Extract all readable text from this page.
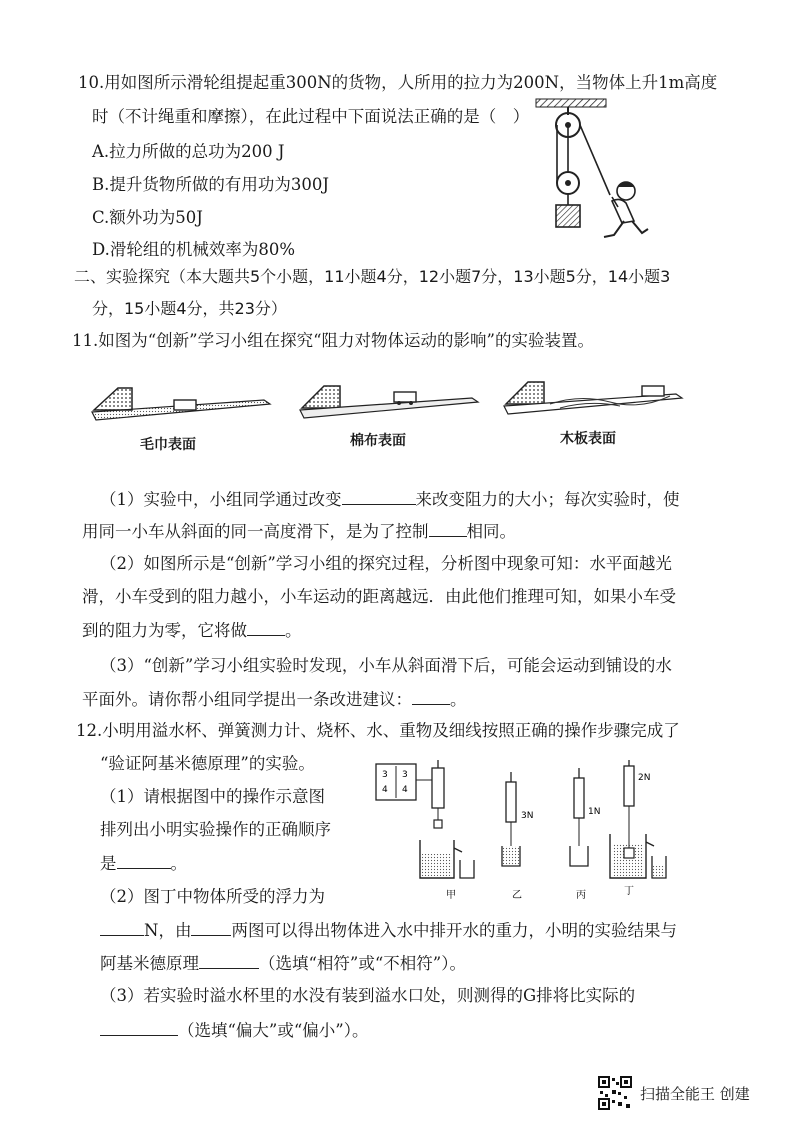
10.用如图所示滑轮组提起重300N的货物，人所用的拉力为200N，当物体上升1m高度
时（不计绳重和摩擦），在此过程中下面说法正确的是（　）
A.拉力所做的总功为200 J
B.提升货物所做的有用功为300J
C.额外功为50J
D.滑轮组的机械效率为80%
二、实验探究（本大题共5个小题，11小题4分，12小题7分，13小题5分，14小题3
分，15小题4分，共23分）
11.如图为“创新”学习小组在探究“阻力对物体运动的影响”的实验装置。
毛巾表面	棉布表面	木板表面
（1）实验中，小组同学通过改变	来改变阻力的大小；每次实验时，使
用同一小车从斜面的同一高度滑下，是为了控制 相同。
（2）如图所示是“创新”学习小组的探究过程，分析图中现象可知：水平面越光
滑，小车受到的阻力越小，小车运动的距离越远．由此他们推理可知，如果小车受
到的阻力为零，它将做 。
（3）“创新”学习小组实验时发现，小车从斜面滑下后，可能会运动到铺设的水
平面外。请你帮小组同学提出一条改进建议： 。
12.小明用溢水杯、弹簧测力计、烧杯、水、重物及细线按照正确的操作步骤完成了
“验证阿基米德原理”的实验。
（1）请根据图中的操作示意图
排列出小明实验操作的正确顺序
是	。
（2）图丁中物体所受的浮力为
N，由 两图可以得出物体进入水中排开水的重力，小明的实验结果与
阿基米德原理	（选填“相符”或“不相符”）。
（3）若实验时溢水杯里的水没有装到溢水口处，则测得的G排将比实际的
（选填“偏大”或“偏小”）。
3
4
3
4
3N	1N
2N
甲	乙	丙	丁
扫描全能王 创建
